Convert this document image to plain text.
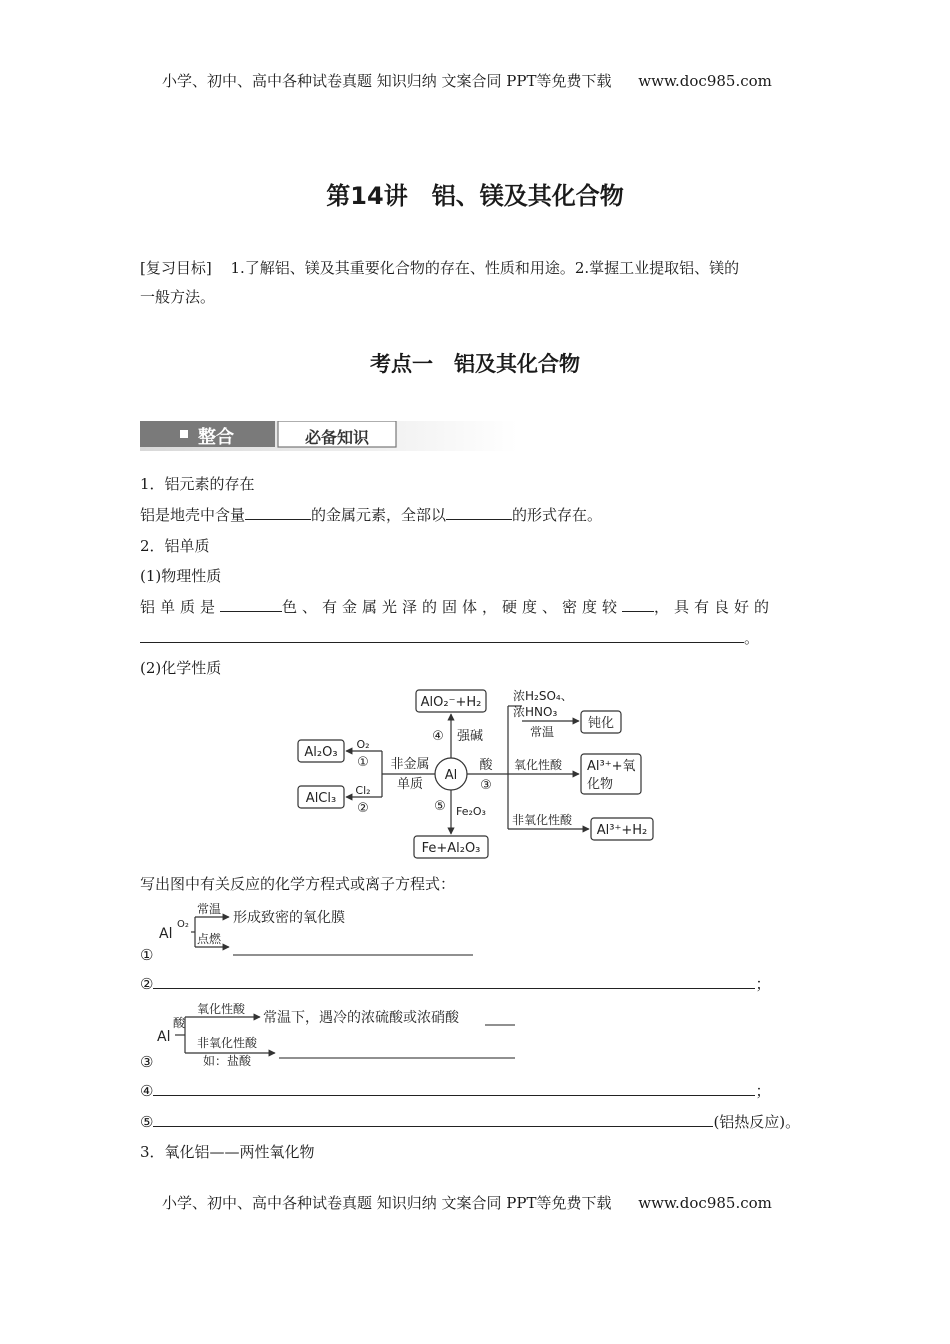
小学、初中、高中各种试卷真题 知识归纳 文案合同 PPT等免费下载 www.doc985.com
第14讲　铝、镁及其化合物
[复习目标] 1.了解铝、镁及其重要化合物的存在、性质和用途。2.掌握工业提取铝、镁的
一般方法。
考点一　铝及其化合物
整合	必备知识
1．铝元素的存在
铝是地壳中含量	的金属元素，全部以	的形式存在。
2．铝单质
(1)物理性质
铝单质是	色、有金属光泽的固体，硬度、密度较 ，具有良好的
。
(2)化学性质
Al
AlO₂⁻+H₂
④ 强碱
Fe+Al₂O₃
⑤ Fe₂O₃
Al₂O₃
AlCl₃
O₂
①
Cl₂
②
非金属
单质
酸
③
浓H₂SO₄、
浓HNO₃
常温
钝化
氧化性酸 Al³⁺+氧
化物
非氧化性酸
Al³⁺+H₂
写出图中有关反应的化学方程式或离子方程式：
Al
O₂
常温
形成致密的氧化膜
点燃
①
②	；
Al
酸
氧化性酸
常温下，遇冷的浓硫酸或浓硝酸
非氧化性酸
如：盐酸
③
④	；
⑤	(铝热反应)。
3．氧化铝——两性氧化物
小学、初中、高中各种试卷真题 知识归纳 文案合同 PPT等免费下载 www.doc985.com
